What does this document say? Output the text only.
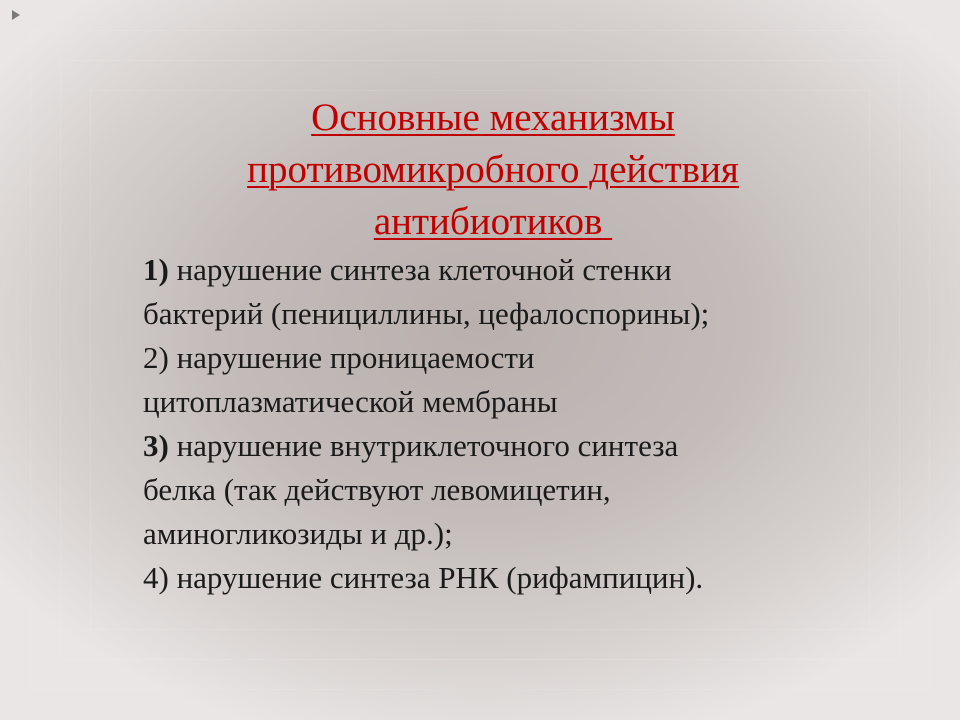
Основные механизмы
противомикробного действия
антибиотиков

1) нарушение синтеза клеточной стенки
бактерий (пенициллины, цефалоспорины);

2) нарушение проницаемости
цитоплазматической мембраны

3) нарушение внутриклеточного синтеза
белка (так действуют левомицетин,
аминогликозиды и др.);

4) нарушение синтеза РНК (рифампицин).
